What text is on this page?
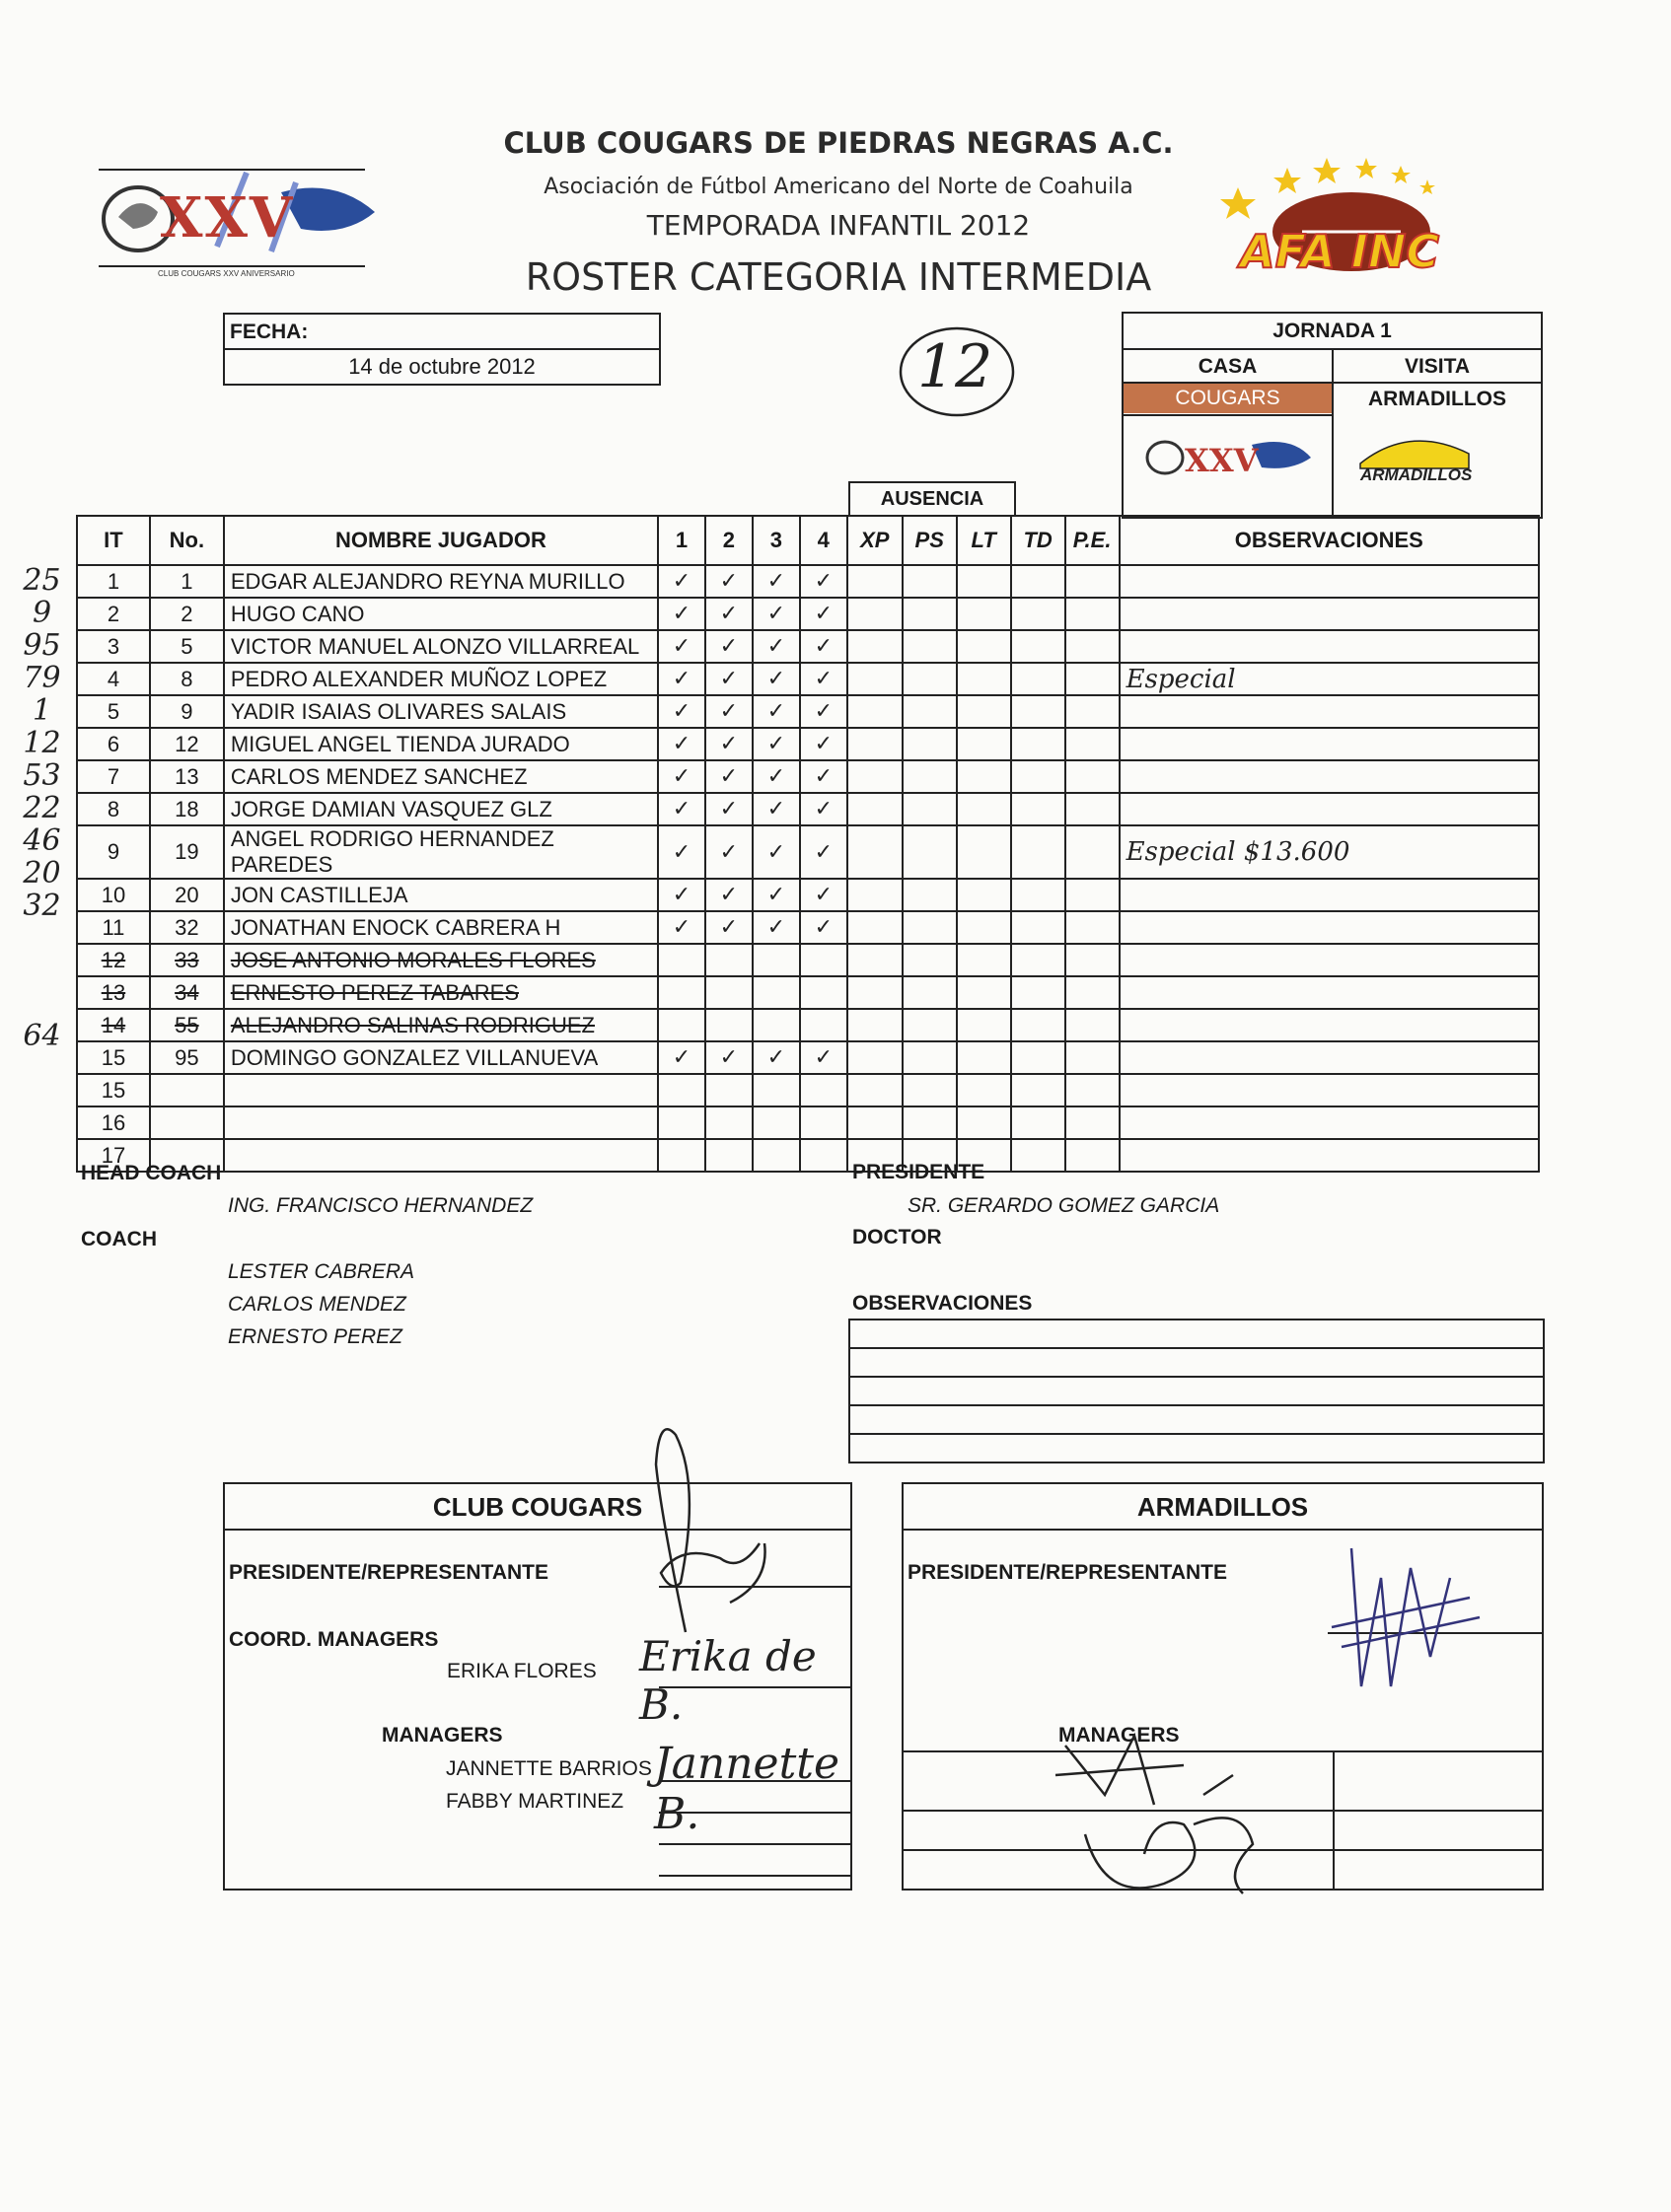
XXV
CLUB COUGARS XXV ANIVERSARIO
CLUB COUGARS DE PIEDRAS NEGRAS A.C.
Asociación de Fútbol Americano del Norte de Coahuila
TEMPORADA INFANTIL 2012
ROSTER CATEGORIA INTERMEDIA	AFA INC
FECHA:
14 de octubre 2012	12
JORNADA 1
CASA	VISITA
COUGARS	ARMADILLOS
XXV	ARMADILLOS
AUSENCIA
IT	No.	NOMBRE JUGADOR	1	2	3	4	XP	PS	LT	TD	P.E.	OBSERVACIONES
1	1	EDGAR ALEJANDRO REYNA MURILLO	✓	✓	✓	✓						
2	2	HUGO CANO	✓	✓	✓	✓						
3	5	VICTOR MANUEL ALONZO VILLARREAL	✓	✓	✓	✓						
4	8	PEDRO ALEXANDER MUÑOZ LOPEZ	✓	✓	✓	✓						Especial
5	9	YADIR ISAIAS OLIVARES SALAIS	✓	✓	✓	✓						
6	12	MIGUEL ANGEL TIENDA JURADO	✓	✓	✓	✓						
7	13	CARLOS MENDEZ SANCHEZ	✓	✓	✓	✓						
8	18	JORGE DAMIAN VASQUEZ GLZ	✓	✓	✓	✓						
9	19	ANGEL RODRIGO HERNANDEZ PAREDES	✓	✓	✓	✓						Especial $13.600
10	20	JON CASTILLEJA	✓	✓	✓	✓						
11	32	JONATHAN ENOCK CABRERA H	✓	✓	✓	✓						
12	33	JOSE ANTONIO MORALES FLORES										
13	34	ERNESTO PEREZ TABARES										
14	55	ALEJANDRO SALINAS RODRIGUEZ										
15	95	DOMINGO GONZALEZ VILLANUEVA	✓	✓	✓	✓						
15												
16												
17												
25
9
95
79
1
12
53
22
46
20
32
64
HEAD COACH
ING. FRANCISCO HERNANDEZ
COACH
LESTER CABRERA
CARLOS MENDEZ
ERNESTO PEREZ
PRESIDENTE
SR. GERARDO GOMEZ GARCIA
DOCTOR
OBSERVACIONES
CLUB COUGARS
PRESIDENTE/REPRESENTANTE
COORD. MANAGERS
ERIKA FLORES Erika de B.
MANAGERS
JANNETTE BARRIOS
FABBY MARTINEZ
Jannette B.
ARMADILLOS
PRESIDENTE/REPRESENTANTE
MANAGERS
